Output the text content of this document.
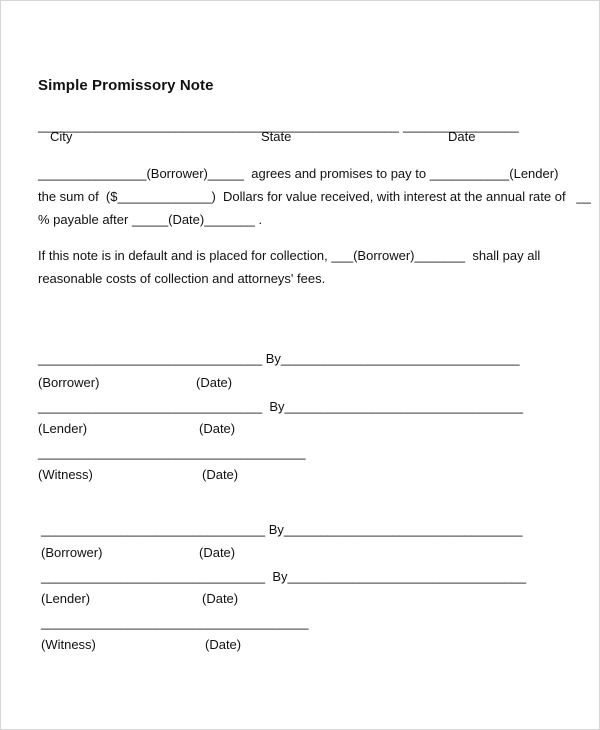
Simple Promissory Note
____________________ ______________________________ ________________
City	State	Date
_______________(Borrower)_____  agrees and promises to pay to ___________(Lender)
the sum of  ($_____________)  Dollars for value received, with interest at the annual rate of   __
% payable after _____(Date)_______ .
If this note is in default and is placed for collection, ___(Borrower)_______  shall pay all
reasonable costs of collection and attorneys' fees.
_______________________________ By_________________________________
(Borrower)	(Date)
_______________________________  By_________________________________
(Lender)	(Date)
_____________________________________
(Witness)	(Date)
_______________________________ By_________________________________
(Borrower)	(Date)
_______________________________  By_________________________________
(Lender)	(Date)
_____________________________________
(Witness)	(Date)
